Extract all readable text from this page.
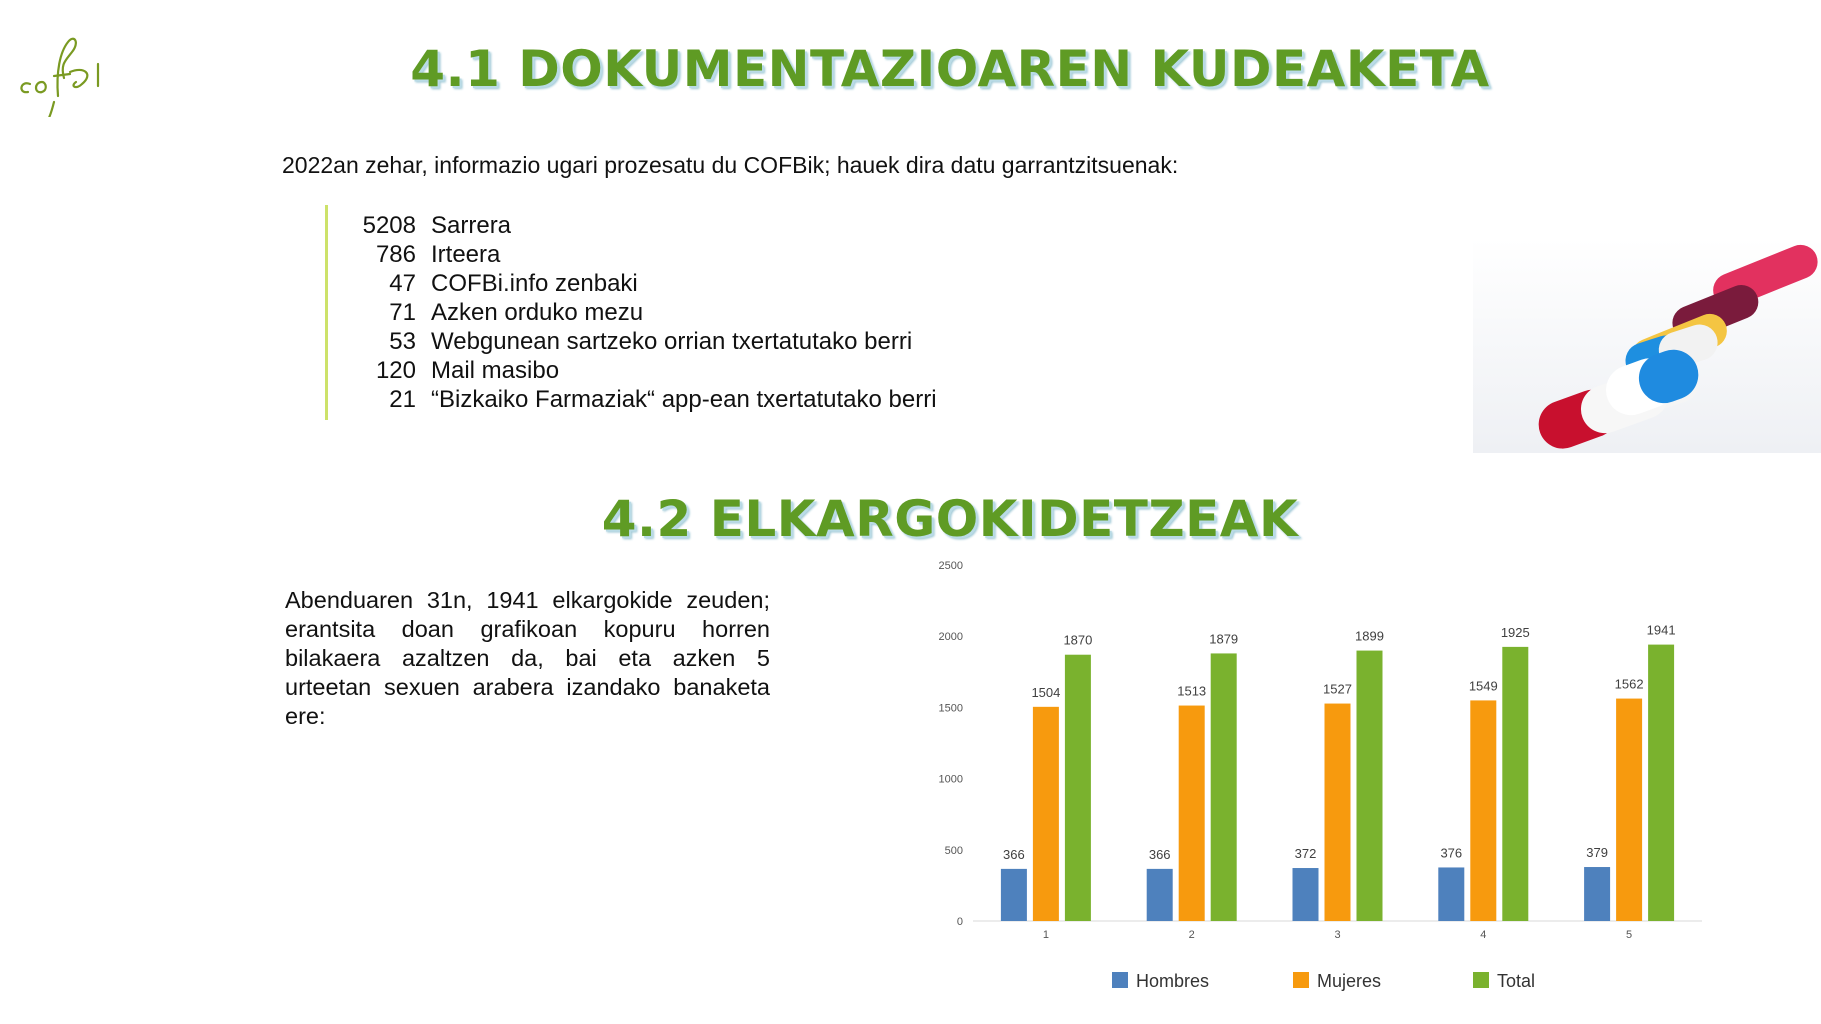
4.1 DOKUMENTAZIOAREN KUDEAKETA
2022an zehar, informazio ugari prozesatu du COFBik; hauek dira datu garrantzitsuenak:
5208 Sarrera
786 Irteera
47 COFBi.info zenbaki
71 Azken orduko mezu
53 Webgunean sartzeko orrian txertatutako berri
120 Mail masibo
21 “Bizkaiko Farmaziak“ app-ean txertatutako berri
4.2 ELKARGOKIDETZEAK
Abenduaren 31n, 1941 elkargokide zeuden; erantsita doan grafikoan kopuru horren bilakaera azaltzen da, bai eta azken 5 urteetan sexuen arabera izandako banaketa ere:
0
500
1000
1500
2000
2500
366
1504
1870
366
1513
1879
372
1527
1899
376
1549
1925
379
1562
1941
1	2	3	4	5
Hombres	Mujeres	Total
